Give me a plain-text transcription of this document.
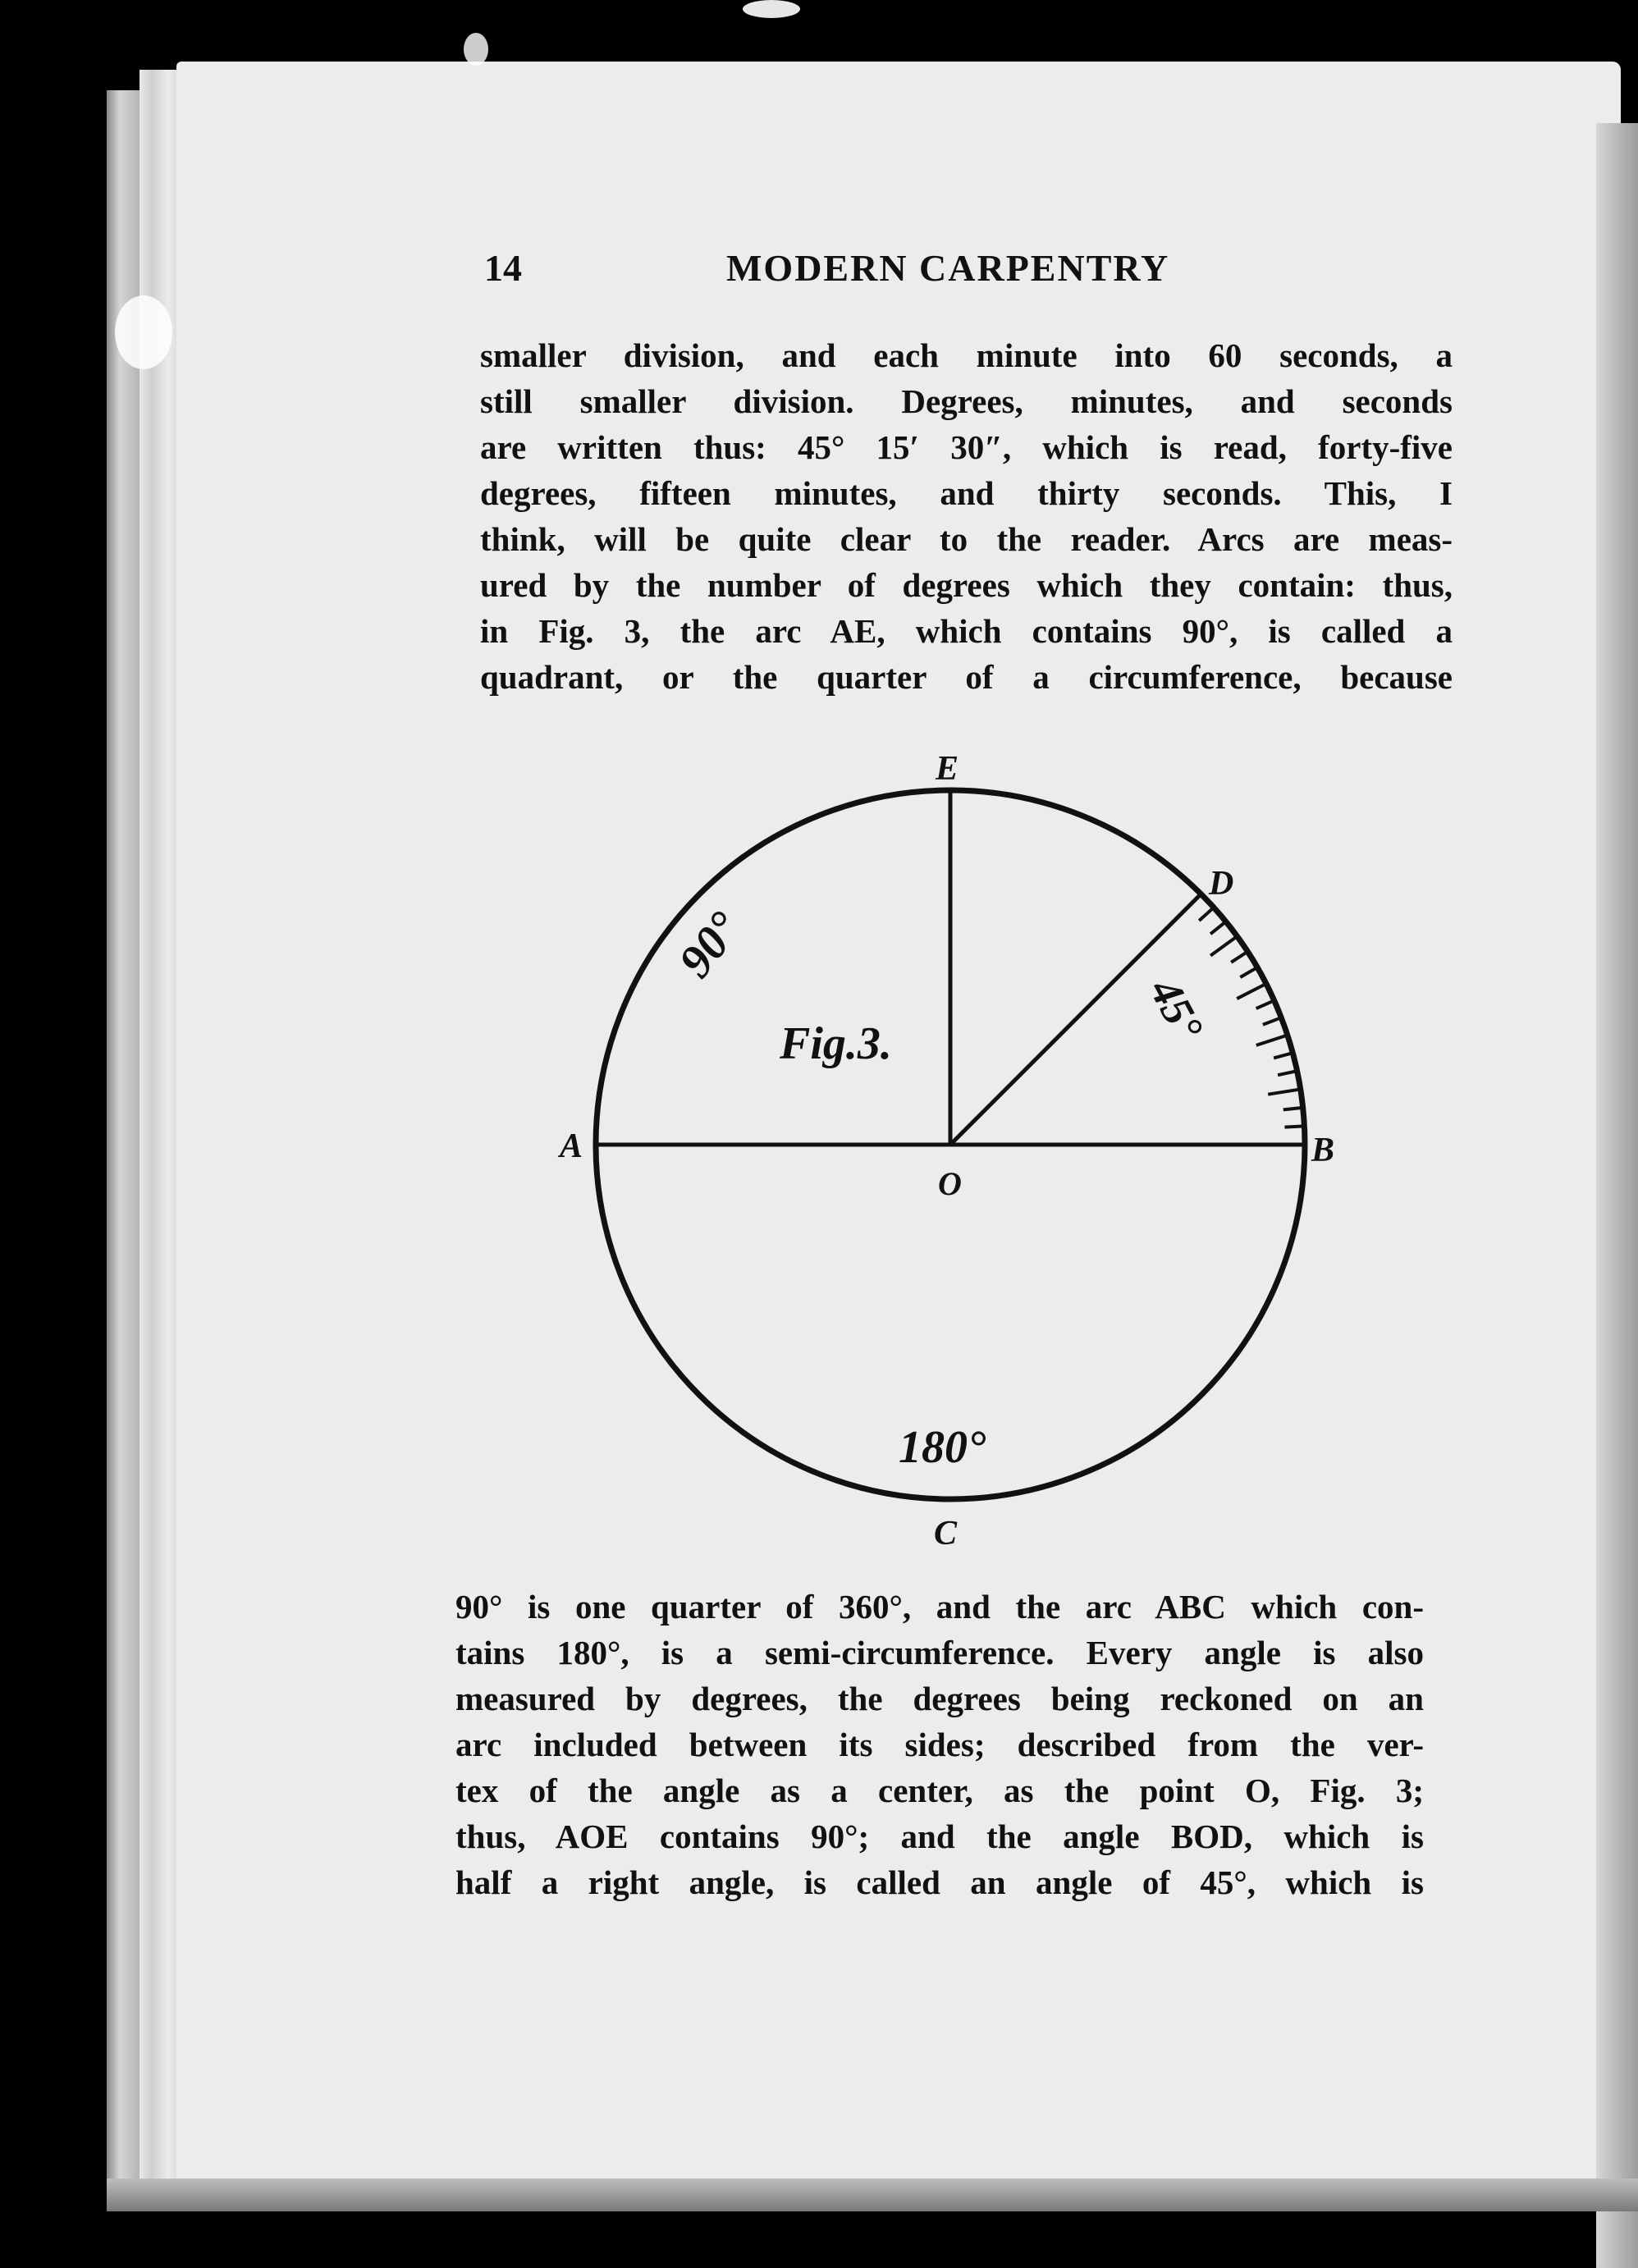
14	MODERN CARPENTRY
smaller division, and each minute into 60 seconds, a
still smaller division. Degrees, minutes, and seconds
are written thus: 45° 15′ 30″, which is read, forty-five
degrees, fifteen minutes, and thirty seconds. This, I
think, will be quite clear to the reader. Arcs are meas-
ured by the number of degrees which they contain: thus,
in Fig. 3, the arc AE, which contains 90°, is called a
quadrant, or the quarter of a circumference, because
A	B
C
D
E
O
90°
45°
180°
Fig.3.
90° is one quarter of 360°, and the arc ABC which con-
tains 180°, is a semi-circumference. Every angle is also
measured by degrees, the degrees being reckoned on an
arc included between its sides; described from the ver-
tex of the angle as a center, as the point O, Fig. 3;
thus, AOE contains 90°; and the angle BOD, which is
half a right angle, is called an angle of 45°, which is
